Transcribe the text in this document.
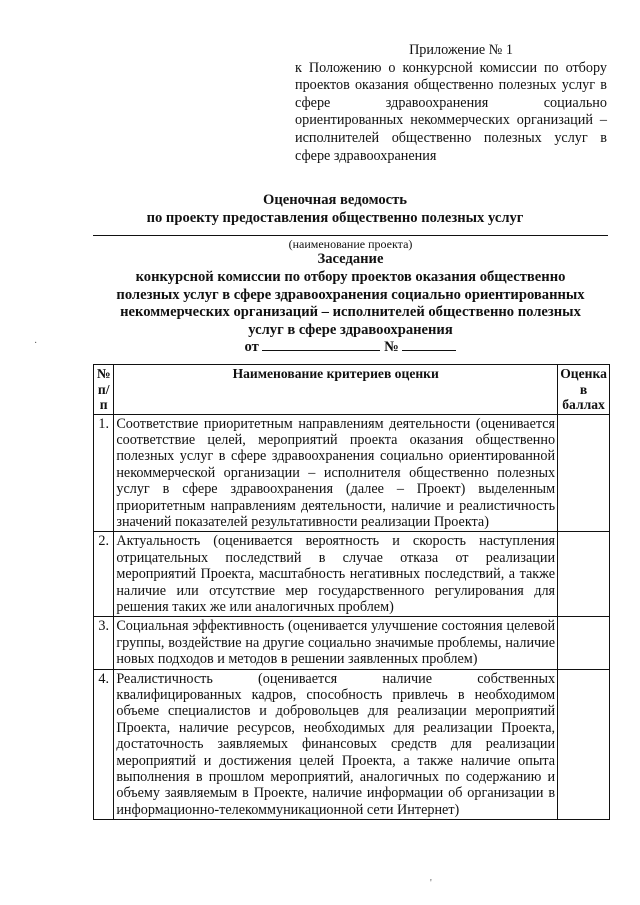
Приложение № 1
к Положению о конкурсной комиссии по отбору проектов оказания общественно полезных услуг в сфере здравоохранения социально ориентированных некоммерческих организаций – исполнителей общественно полезных услуг в сфере здравоохранения
Оценочная ведомость
по проекту предоставления общественно полезных услуг
(наименование проекта)
Заседание
конкурсной комиссии по отбору проектов оказания общественно
полезных услуг в сфере здравоохранения социально ориентированных
некоммерческих организаций – исполнителей общественно полезных
услуг в сфере здравоохранения
от	№
·
'
№ п/п	Наименование критериев оценки	Оценка в баллах
1.	Соответствие приоритетным направлениям деятельности (оценивается соответствие целей, мероприятий проекта оказания общественно полезных услуг в сфере здравоохранения социально ориентированной некоммерческой организации – исполнителя общественно полезных услуг в сфере здравоохранения (далее – Проект) выделенным приоритетным направлениям деятельности, наличие и реалистичность значений показателей результативности реализации Проекта)	
2.	Актуальность (оценивается вероятность и скорость наступления отрицательных последствий в случае отказа от реализации мероприятий Проекта, масштабность негативных последствий, а также наличие или отсутствие мер государственного регулирования для решения таких же или аналогичных проблем)	
3.	Социальная эффективность (оценивается улучшение состояния целевой группы, воздействие на другие социально значимые проблемы, наличие новых подходов и методов в решении заявленных проблем)	
4.	Реалистичность (оценивается наличие собственных квалифицированных кадров, способность привлечь в необходимом объеме специалистов и добровольцев для реализации мероприятий Проекта, наличие ресурсов, необходимых для реализации Проекта, достаточность заявляемых финансовых средств для реализации мероприятий и достижения целей Проекта, а также наличие опыта выполнения в прошлом мероприятий, аналогичных по содержанию и объему заявляемым в Проекте, наличие информации об организации в информационно-телекоммуникационной сети Интернет)	
